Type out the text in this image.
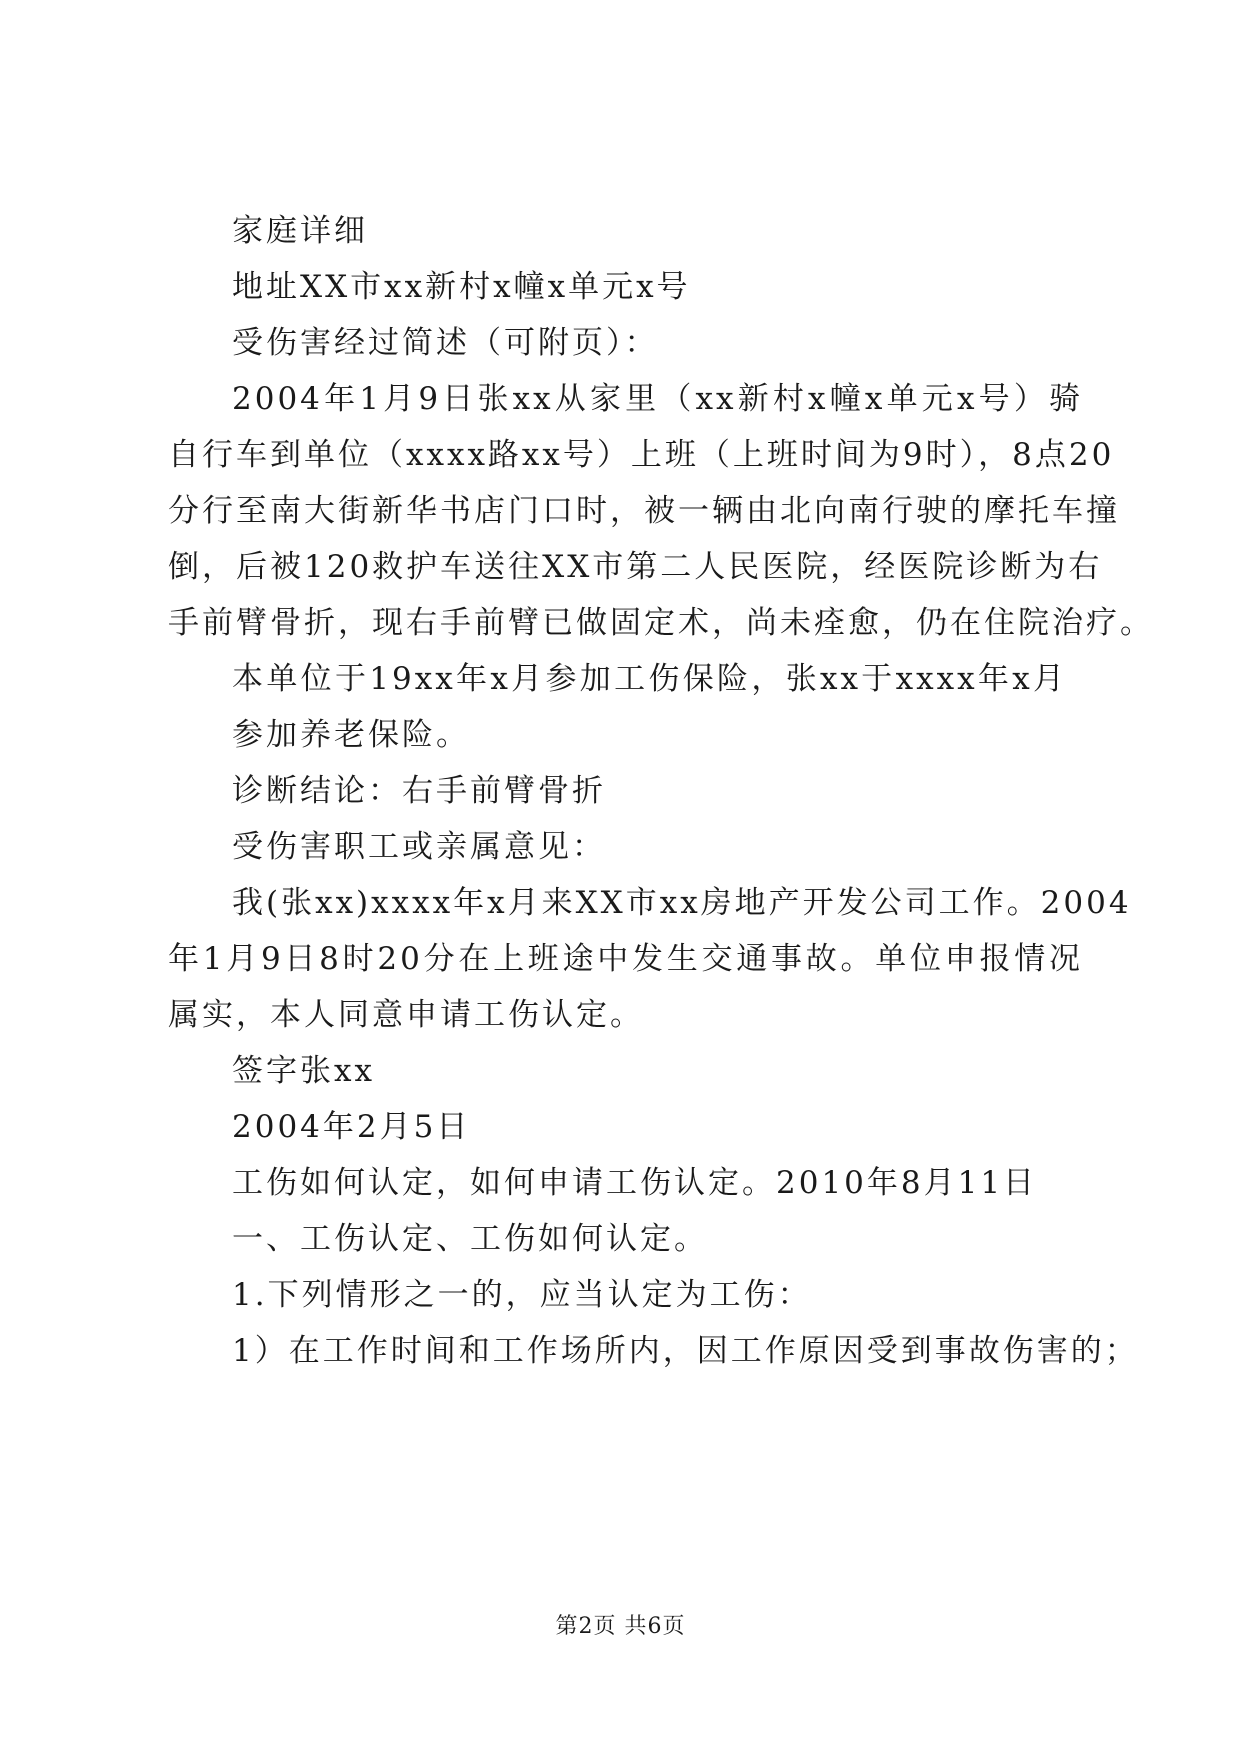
家庭详细

地址XX市xx新村x幢x单元x号

受伤害经过简述（可附页）：

2004年1月9日张xx从家里（xx新村x幢x单元x号）骑

自行车到单位（xxxx路xx号）上班（上班时间为9时），8点20

分行至南大街新华书店门口时，被一辆由北向南行驶的摩托车撞

倒，后被120救护车送往XX市第二人民医院，经医院诊断为右

手前臂骨折，现右手前臂已做固定术，尚未痊愈，仍在住院治疗。

本单位于19xx年x月参加工伤保险，张xx于xxxx年x月

参加养老保险。

诊断结论：右手前臂骨折

受伤害职工或亲属意见：

我(张xx)xxxx年x月来XX市xx房地产开发公司工作。2004

年1月9日8时20分在上班途中发生交通事故。单位申报情况

属实，本人同意申请工伤认定。

签字张xx

2004年2月5日

工伤如何认定，如何申请工伤认定。2010年8月11日

一、工伤认定、工伤如何认定。

1.下列情形之一的，应当认定为工伤：

1）在工作时间和工作场所内，因工作原因受到事故伤害的；

第2页 共6页
